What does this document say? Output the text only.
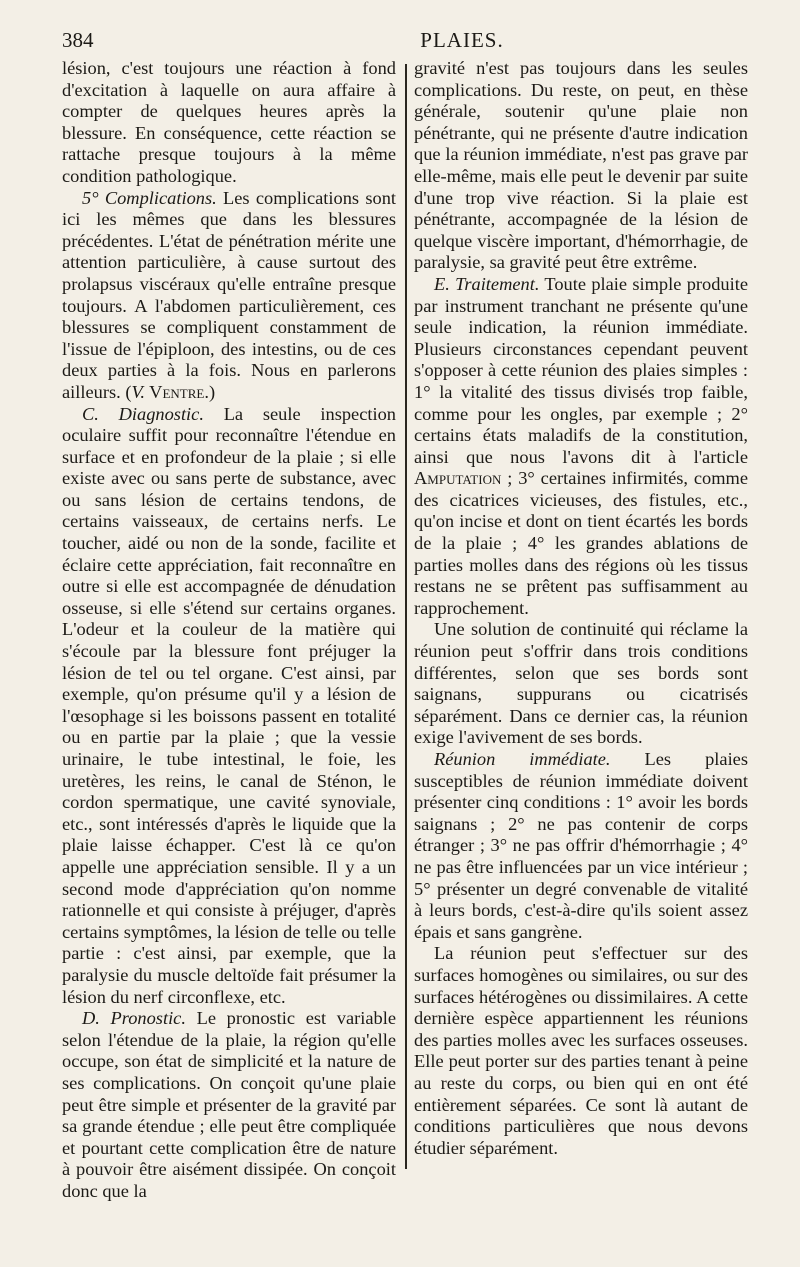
384	PLAIES.

lésion, c'est toujours une réaction à fond d'excitation à laquelle on aura affaire à compter de quelques heures après la blessure. En conséquence, cette réaction se rattache presque toujours à la même condition pathologique.

5° Complications. Les complications sont ici les mêmes que dans les blessures précédentes. L'état de pénétration mérite une attention particulière, à cause surtout des prolapsus viscéraux qu'elle entraîne presque toujours. A l'abdomen particulièrement, ces blessures se compliquent constamment de l'issue de l'épiploon, des intestins, ou de ces deux parties à la fois. Nous en parlerons ailleurs. (V. Ventre.)

C. Diagnostic. La seule inspection oculaire suffit pour reconnaître l'étendue en surface et en profondeur de la plaie ; si elle existe avec ou sans perte de substance, avec ou sans lésion de certains tendons, de certains vaisseaux, de certains nerfs. Le toucher, aidé ou non de la sonde, facilite et éclaire cette appréciation, fait reconnaître en outre si elle est accompagnée de dénudation osseuse, si elle s'étend sur certains organes. L'odeur et la couleur de la matière qui s'écoule par la blessure font préjuger la lésion de tel ou tel organe. C'est ainsi, par exemple, qu'on présume qu'il y a lésion de l'œsophage si les boissons passent en totalité ou en partie par la plaie ; que la vessie urinaire, le tube intestinal, le foie, les uretères, les reins, le canal de Sténon, le cordon spermatique, une cavité synoviale, etc., sont intéressés d'après le liquide que la plaie laisse échapper. C'est là ce qu'on appelle une appréciation sensible. Il y a un second mode d'appréciation qu'on nomme rationnelle et qui consiste à préjuger, d'après certains symptômes, la lésion de telle ou telle partie : c'est ainsi, par exemple, que la paralysie du muscle deltoïde fait présumer la lésion du nerf circonflexe, etc.

D. Pronostic. Le pronostic est variable selon l'étendue de la plaie, la région qu'elle occupe, son état de simplicité et la nature de ses complications. On conçoit qu'une plaie peut être simple et présenter de la gravité par sa grande étendue ; elle peut être compliquée et pourtant cette complication être de nature à pouvoir être aisément dissipée. On conçoit donc que la

gravité n'est pas toujours dans les seules complications. Du reste, on peut, en thèse générale, soutenir qu'une plaie non pénétrante, qui ne présente d'autre indication que la réunion immédiate, n'est pas grave par elle-même, mais elle peut le devenir par suite d'une trop vive réaction. Si la plaie est pénétrante, accompagnée de la lésion de quelque viscère important, d'hémorrhagie, de paralysie, sa gravité peut être extrême.

E. Traitement. Toute plaie simple produite par instrument tranchant ne présente qu'une seule indication, la réunion immédiate. Plusieurs circonstances cependant peuvent s'opposer à cette réunion des plaies simples : 1° la vitalité des tissus divisés trop faible, comme pour les ongles, par exemple ; 2° certains états maladifs de la constitution, ainsi que nous l'avons dit à l'article Amputation ; 3° certaines infirmités, comme des cicatrices vicieuses, des fistules, etc., qu'on incise et dont on tient écartés les bords de la plaie ; 4° les grandes ablations de parties molles dans des régions où les tissus restans ne se prêtent pas suffisamment au rapprochement.

Une solution de continuité qui réclame la réunion peut s'offrir dans trois conditions différentes, selon que ses bords sont saignans, suppurans ou cicatrisés séparément. Dans ce dernier cas, la réunion exige l'avivement de ses bords.

Réunion immédiate. Les plaies susceptibles de réunion immédiate doivent présenter cinq conditions : 1° avoir les bords saignans ; 2° ne pas contenir de corps étranger ; 3° ne pas offrir d'hémorrhagie ; 4° ne pas être influencées par un vice intérieur ; 5° présenter un degré convenable de vitalité à leurs bords, c'est-à-dire qu'ils soient assez épais et sans gangrène.

La réunion peut s'effectuer sur des surfaces homogènes ou similaires, ou sur des surfaces hétérogènes ou dissimilaires. A cette dernière espèce appartiennent les réunions des parties molles avec les surfaces osseuses. Elle peut porter sur des parties tenant à peine au reste du corps, ou bien qui en ont été entièrement séparées. Ce sont là autant de conditions particulières que nous devons étudier séparément.
